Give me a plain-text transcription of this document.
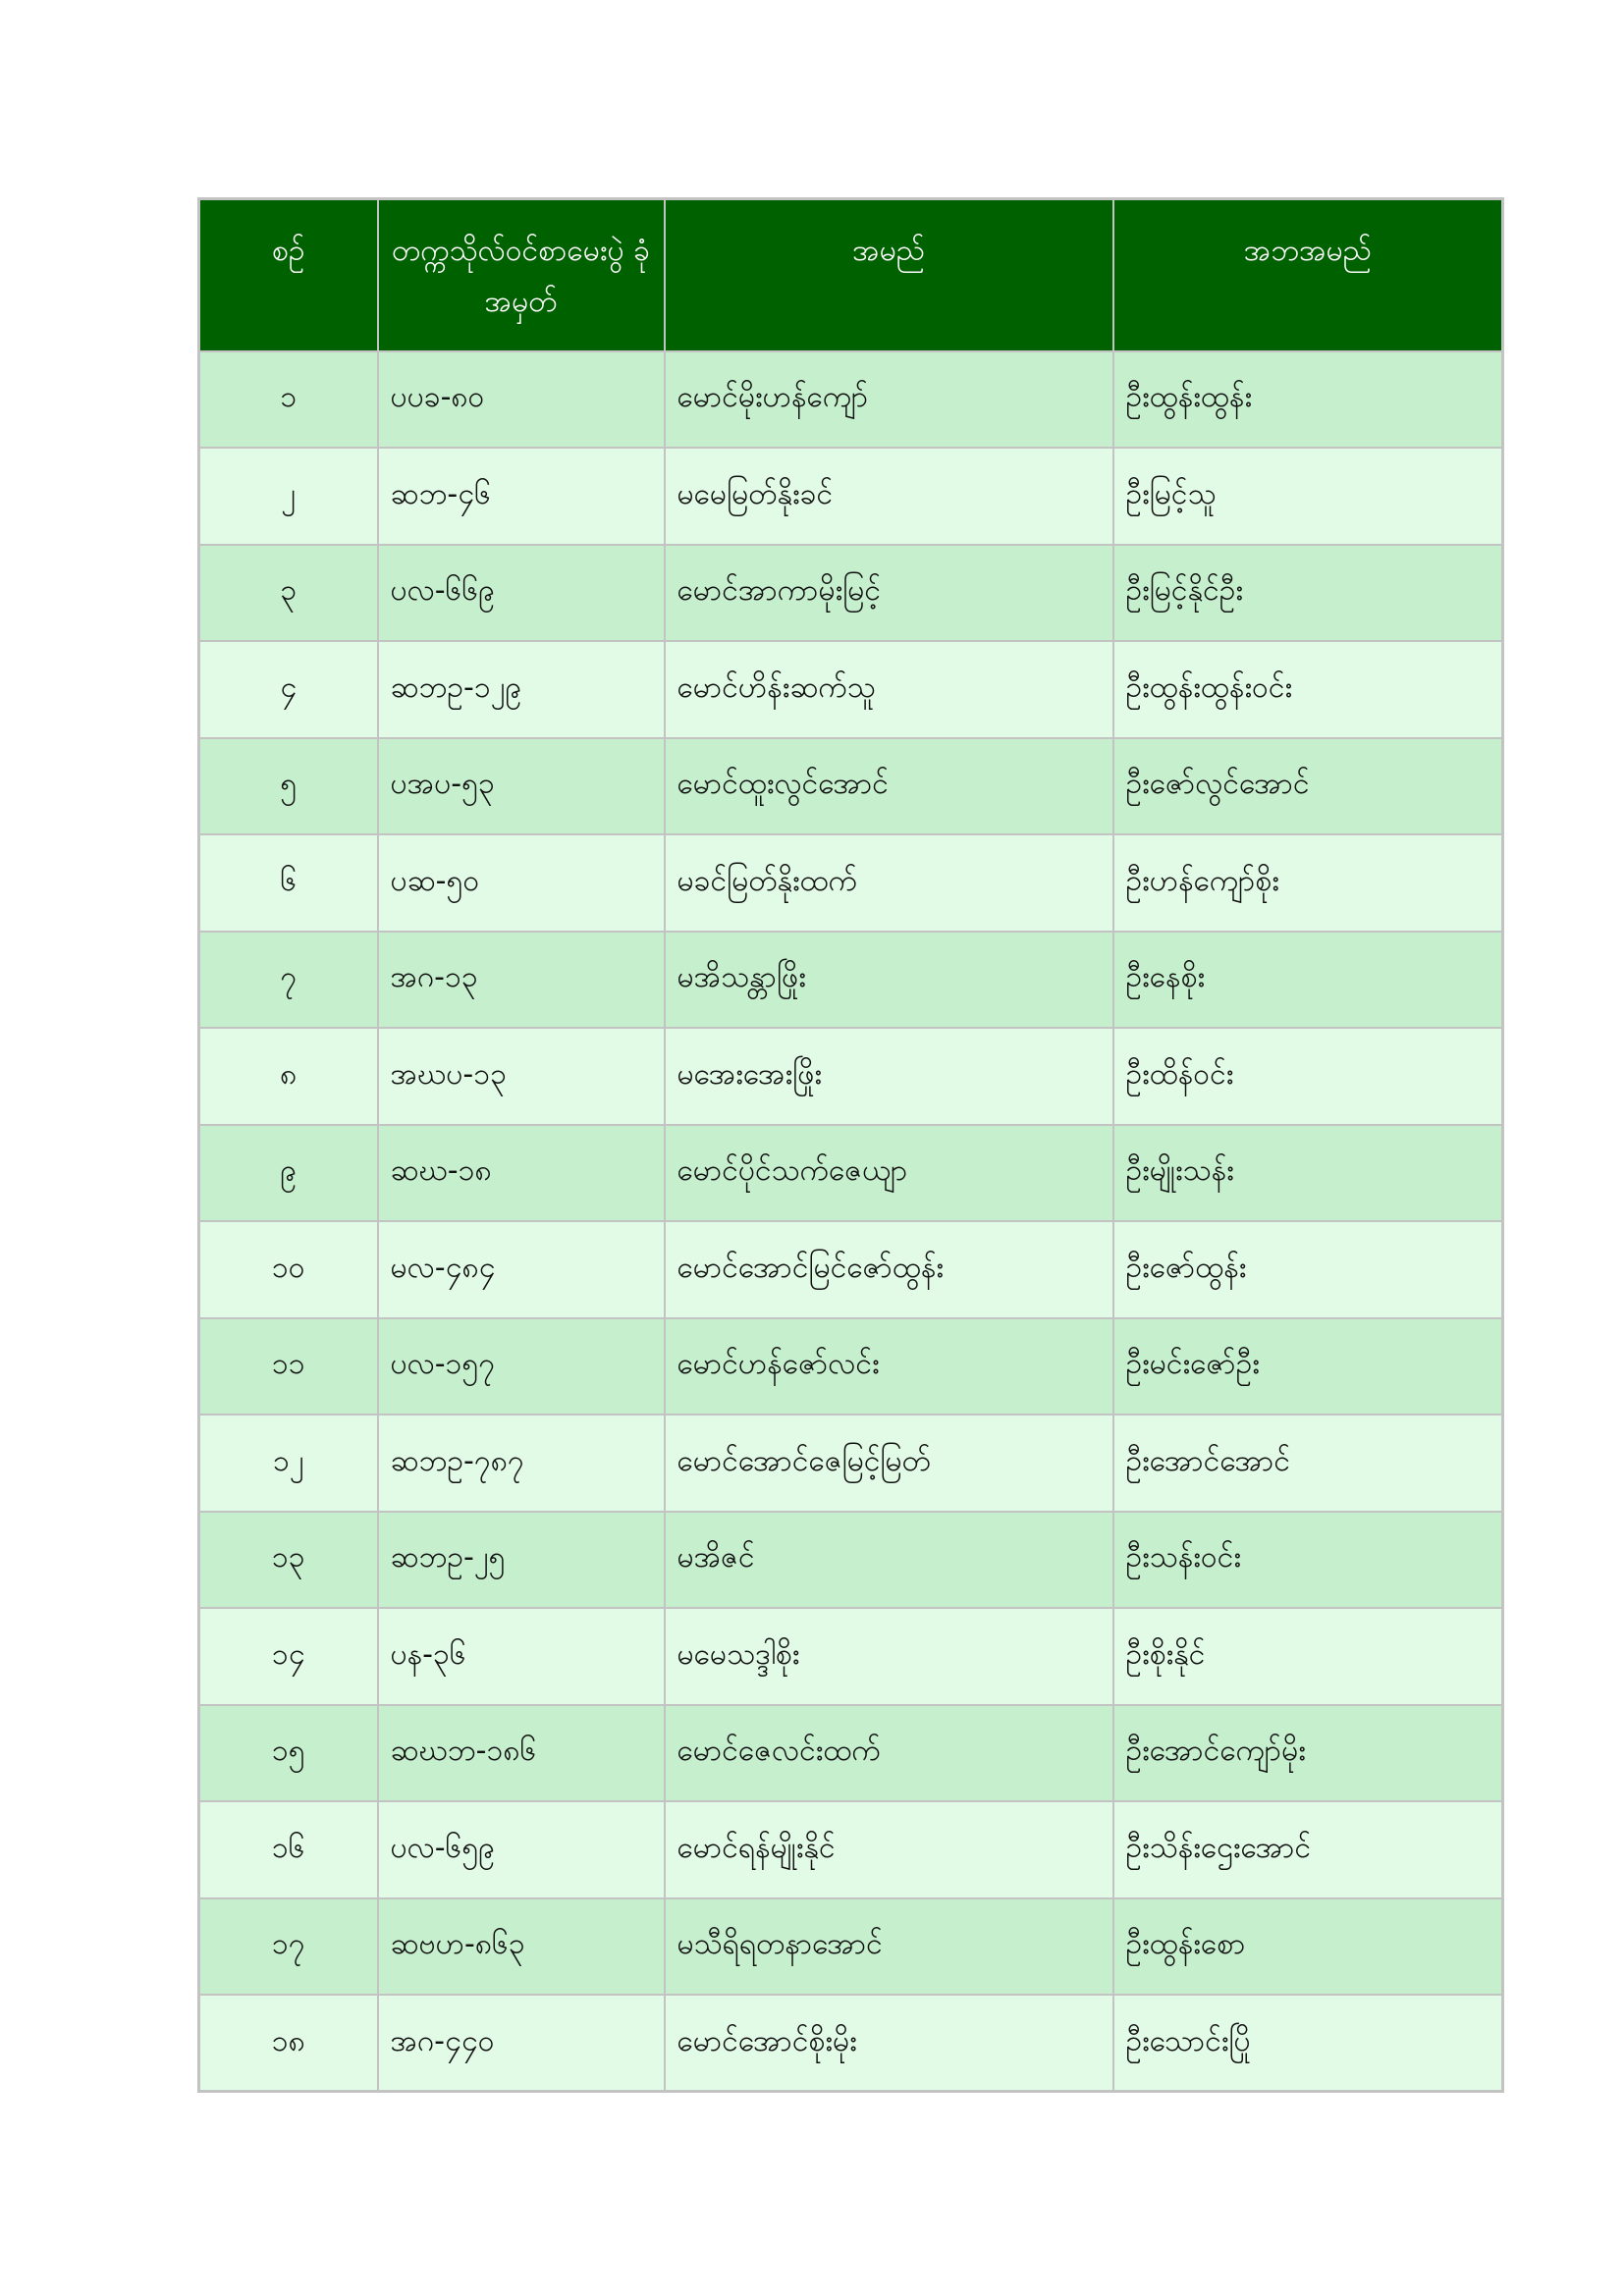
စဉ်	တက္ကသိုလ်ဝင်စာမေးပွဲ ခုံအမှတ်	အမည်	အဘအမည်
၁	ပပခ-၈၀	မောင်မိုးဟန်ကျော်	ဦးထွန်းထွန်း
၂	ဆဘ-၄၆	မမေမြတ်နိုးခင်	ဦးမြင့်သူ
၃	ပလ-၆၆၉	မောင်အာကာမိုးမြင့်	ဦးမြင့်နိုင်ဦး
၄	ဆဘဥ-၁၂၉	မောင်ဟိန်းဆက်သူ	ဦးထွန်းထွန်းဝင်း
၅	ပအပ-၅၃	မောင်ထူးလွင်အောင်	ဦးဇော်လွင်အောင်
၆	ပဆ-၅၀	မခင်မြတ်နိုးထက်	ဦးဟန်ကျော်စိုး
၇	အဂ-၁၃	မအိသန္တာဖြိုး	ဦးနေစိုး
၈	အဃပ-၁၃	မအေးအေးဖြိုး	ဦးထိန်ဝင်း
၉	ဆဃ-၁၈	မောင်ပိုင်သက်ဇေယျာ	ဦးမျိုးသန်း
၁၀	မလ-၄၈၄	မောင်အောင်မြင်ဇော်ထွန်း	ဦးဇော်ထွန်း
၁၁	ပလ-၁၅၇	မောင်ဟန်ဇော်လင်း	ဦးမင်းဇော်ဦး
၁၂	ဆဘဥ-၇၈၇	မောင်အောင်ဇေမြင့်မြတ်	ဦးအောင်အောင်
၁၃	ဆဘဥ-၂၅	မအိဇင်	ဦးသန်းဝင်း
၁၄	ပန-၃၆	မမေသဒ္ဒါစိုး	ဦးစိုးနိုင်
၁၅	ဆဃဘ-၁၈၆	မောင်ဇေလင်းထက်	ဦးအောင်ကျော်မိုး
၁၆	ပလ-၆၅၉	မောင်ရန်မျိုးနိုင်	ဦးသိန်းဌေးအောင်
၁၇	ဆဗဟ-၈၆၃	မသီရိရတနာအောင်	ဦးထွန်းစော
၁၈	အဂ-၄၄၀	မောင်အောင်စိုးမိုး	ဦးသောင်းပြို
